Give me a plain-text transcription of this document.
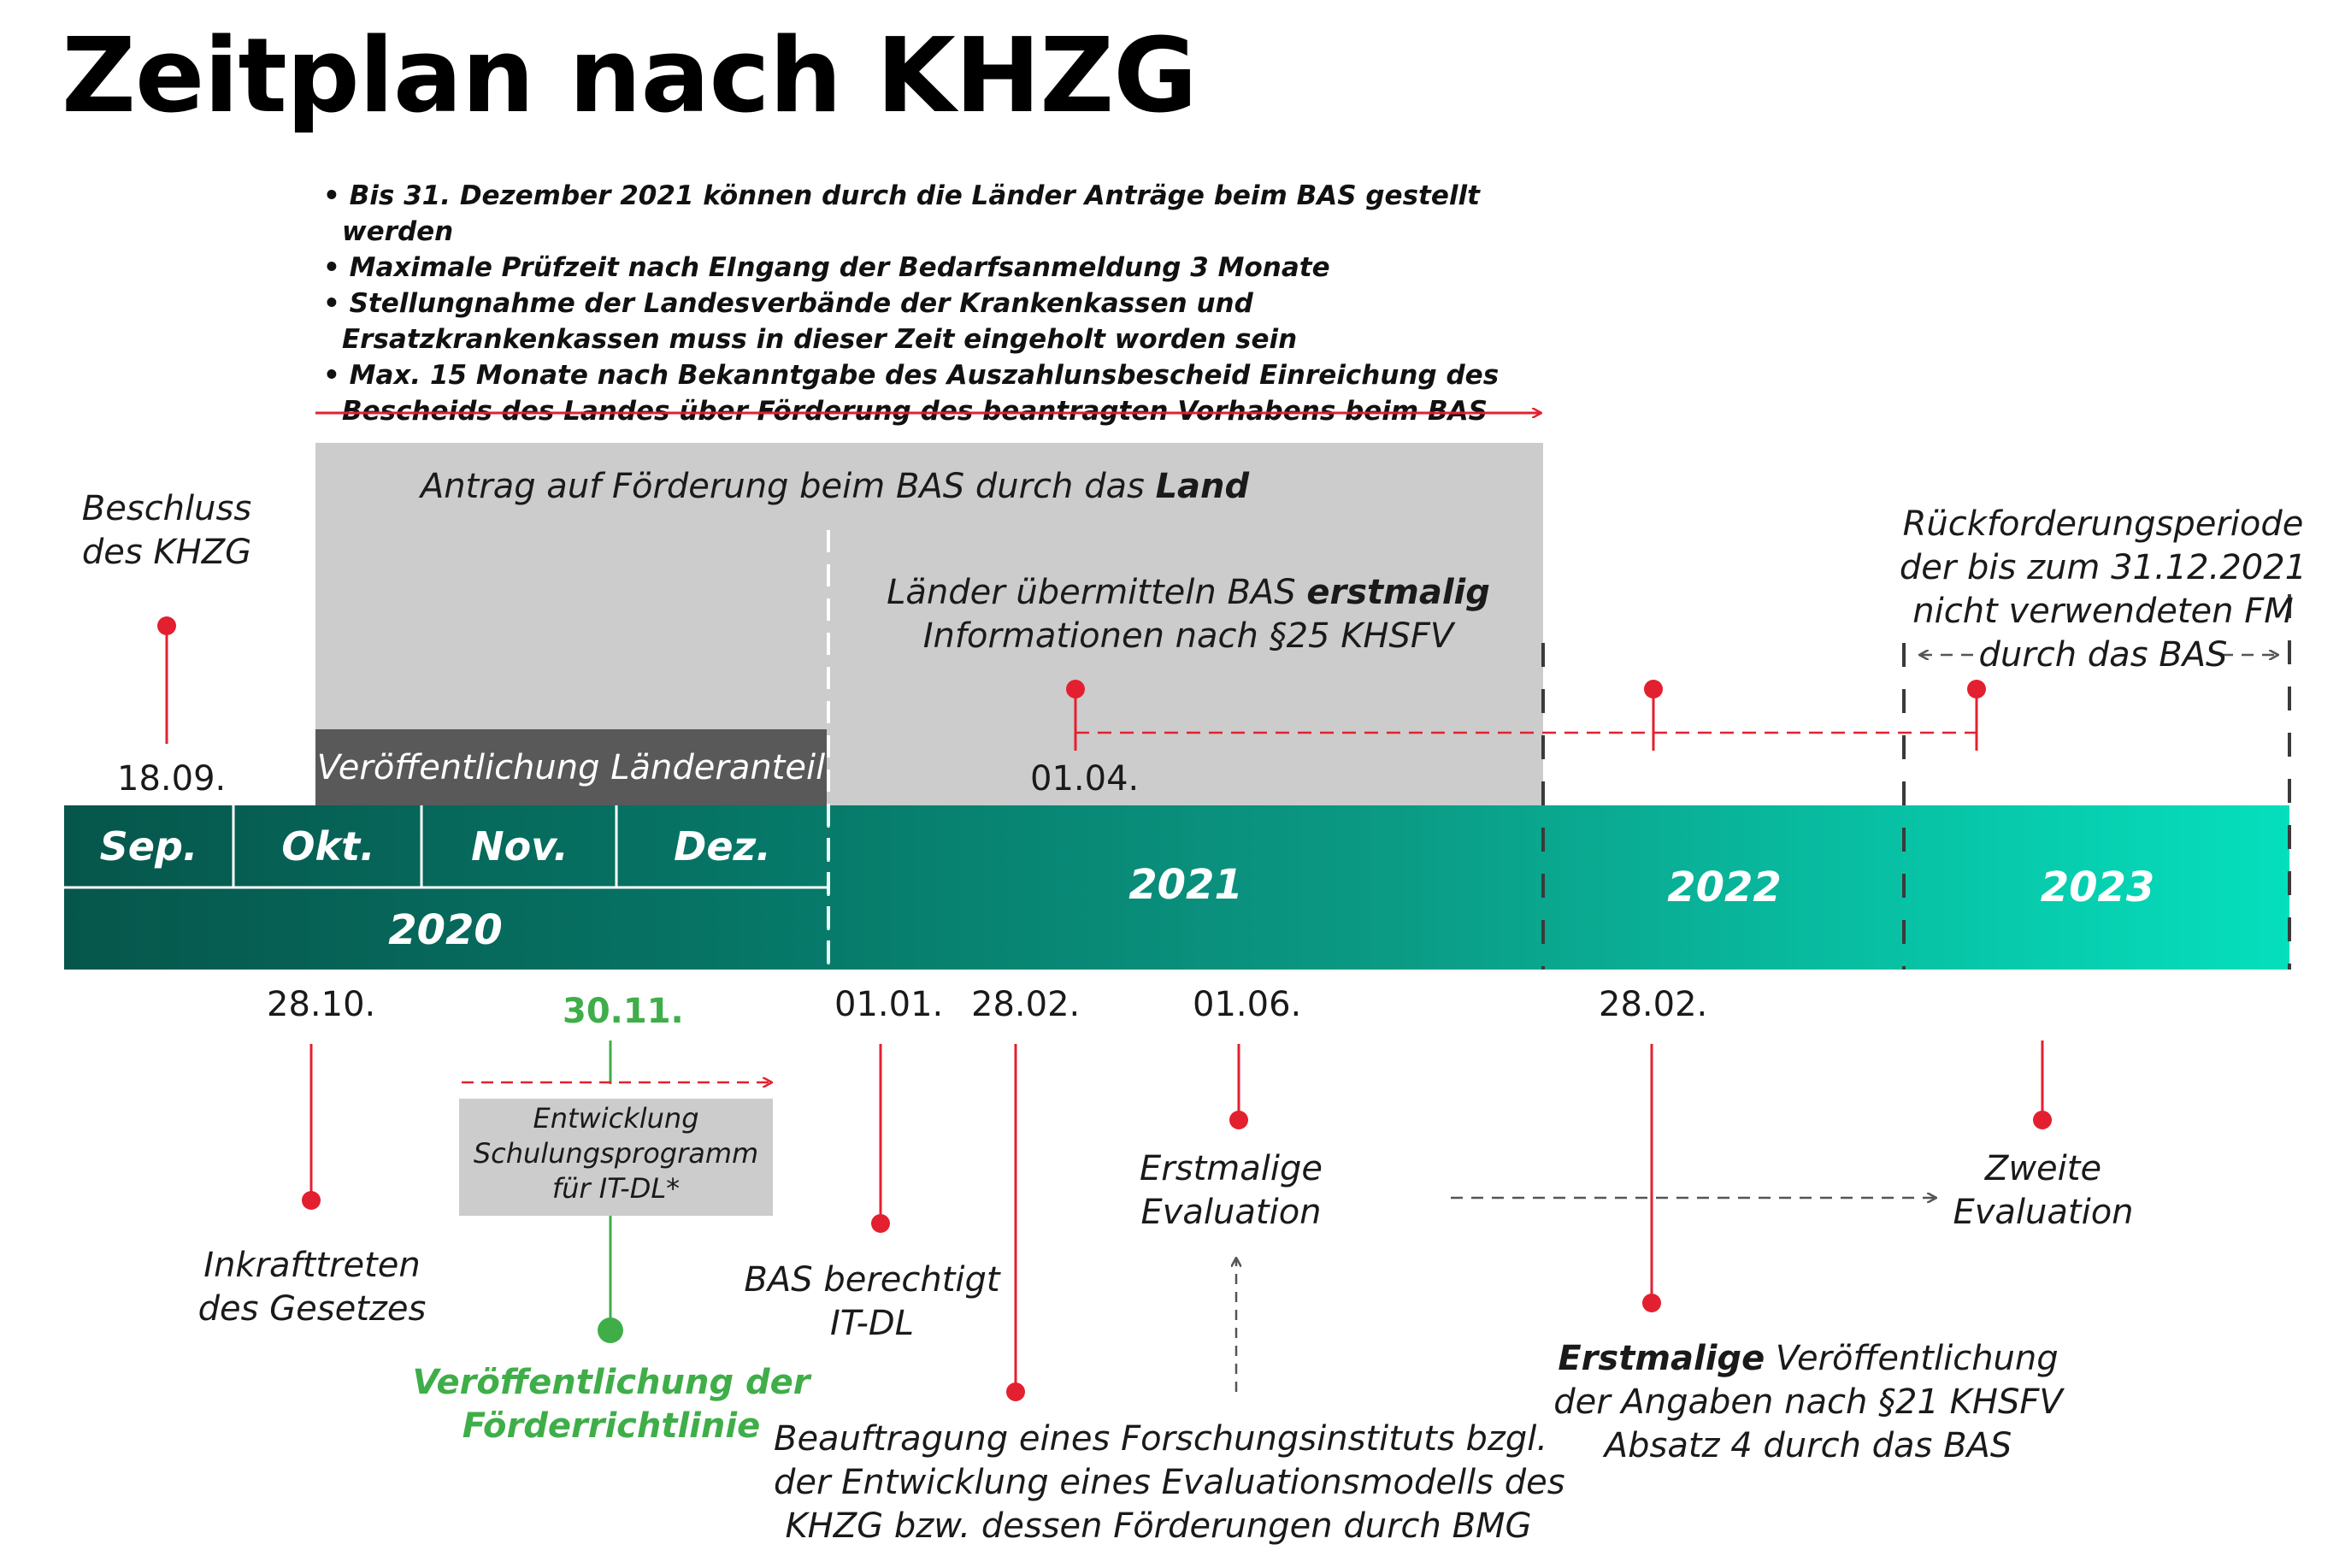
Zeitplan nach KHZG
• Bis 31. Dezember 2021 können durch die Länder Anträge beim BAS gestellt werden
• Maximale Prüfzeit nach EIngang der Bedarfsanmeldung 3 Monate
• Stellungnahme der Landesverbände der Krankenkassen und Ersatzkrankenkassen muss in dieser Zeit eingeholt worden sein
• Max. 15 Monate nach Bekanntgabe des Auszahlunsbescheid Einreichung des Bescheids des Landes über Förderung des beantragten Vorhabens beim BAS
Antrag auf Förderung beim BAS durch das Land
Veröffentlichung Länderanteil
Sep.	Okt.	Nov.	Dez.
2020
2021	2022	2023
Beschluss
des KHZG
18.09.
Länder übermitteln BAS erstmalig
Informationen nach §25 KHSFV
01.04.
Rückforderungsperiode
der bis zum 31.12.2021
nicht verwendeten FM
durch das BAS
28.10.	30.11.	01.01. 28.02.	01.06.	28.02.
Inkrafttreten
des Gesetzes
Entwicklung
Schulungsprogramm
für IT-DL*
Veröffentlichung der
Förderrichtlinie
BAS berechtigt
IT-DL
Beauftragung eines Forschungsinstituts bzgl.
der Entwicklung eines Evaluationsmodells des
KHZG bzw. dessen Förderungen durch BMG
Erstmalige
Evaluation
Erstmalige Veröffentlichung
der Angaben nach §21 KHSFV
Absatz 4 durch das BAS
Zweite
Evaluation
